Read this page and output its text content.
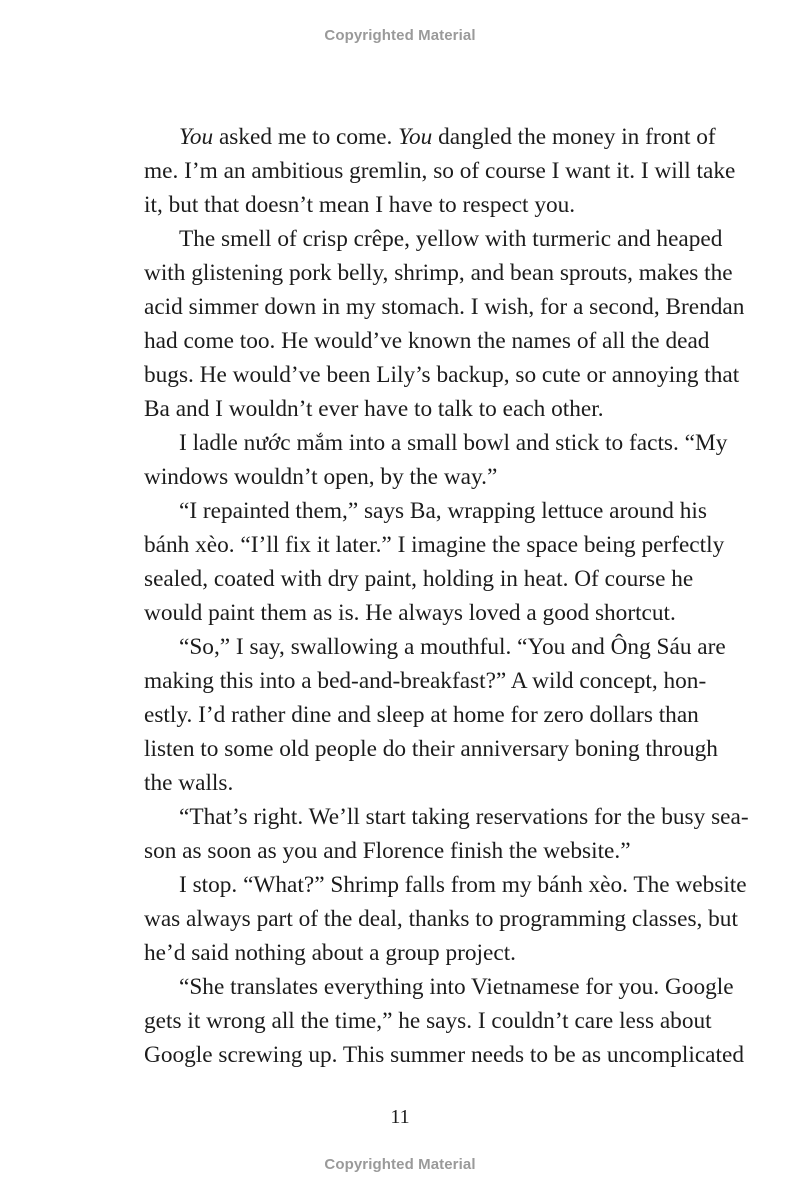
Copyrighted Material
You asked me to come. You dangled the money in front of
me. I’m an ambitious gremlin, so of course I want it. I will take
it, but that doesn’t mean I have to respect you.
The smell of crisp crêpe, yellow with turmeric and heaped
with glistening pork belly, shrimp, and bean sprouts, makes the
acid simmer down in my stomach. I wish, for a second, Brendan
had come too. He would’ve known the names of all the dead
bugs. He would’ve been Lily’s backup, so cute or annoying that
Ba and I wouldn’t ever have to talk to each other.
I ladle nước mắm into a small bowl and stick to facts. “My
windows wouldn’t open, by the way.”
“I repainted them,” says Ba, wrapping lettuce around his
bánh xèo. “I’ll fix it later.” I imagine the space being perfectly
sealed, coated with dry paint, holding in heat. Of course he
would paint them as is. He always loved a good shortcut.
“So,” I say, swallowing a mouthful. “You and Ông Sáu are
making this into a bed-and-breakfast?” A wild concept, hon-
estly. I’d rather dine and sleep at home for zero dollars than
listen to some old people do their anniversary boning through
the walls.
“That’s right. We’ll start taking reservations for the busy sea-
son as soon as you and Florence finish the website.”
I stop. “What?” Shrimp falls from my bánh xèo. The website
was always part of the deal, thanks to programming classes, but
he’d said nothing about a group project.
“She translates everything into Vietnamese for you. Google
gets it wrong all the time,” he says. I couldn’t care less about
Google screwing up. This summer needs to be as uncomplicated
11
Copyrighted Material
